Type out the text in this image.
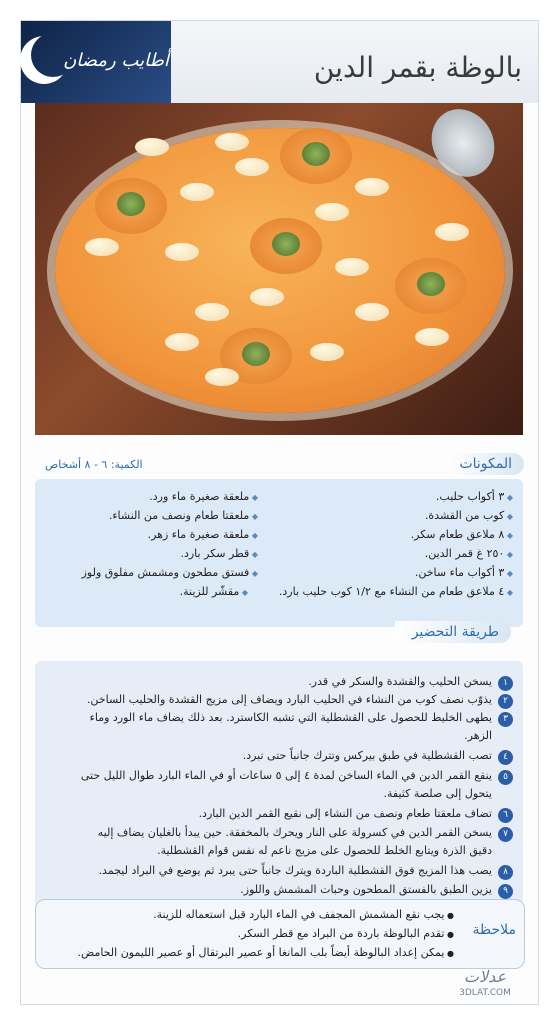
أطايب رمضان	بالوظة بقمر الدين
المكونات
الكمية: ٦ - ٨ أشخاص
◆ ٣ أكواب حليب.
◆ كوب من القشدة.
◆ ٨ ملاعق طعام سكر.
◆ ٢٥٠ غ قمر الدين.
◆ ٣ أكواب ماء ساخن.
◆ ٤ ملاعق طعام من النشاء مع ١/٢ كوب حليب بارد.
◆ ملعقة صغيرة ماء ورد.
◆ ملعقتا طعام ونصف من النشاء.
◆ ملعقة صغيرة ماء زهر.
◆ قطر سكر بارد.
◆ فستق مطحون ومشمش مفلوق ولوز
◆ مقشّر للزينة.
طريقة التحضير
١يسخن الحليب والقشدة والسكر في قدر.
٢يذوّب نصف كوب من النشاء في الحليب البارد ويضاف إلى مزيج القشدة والحليب الساخن.
٣يطهى الخليط للحصول على القشطلية التي تشبه الكاسترد. بعد ذلك يضاف ماء الورد وماء
الزهر.
٤تصب القشطلية في طبق بيركس وتترك جانباً حتى تبرد.
٥ينقع القمر الدين في الماء الساخن لمدة ٤ إلى ٥ ساعات أو في الماء البارد طوال الليل حتى
يتحول إلى صلصة كثيفة.
٦تضاف ملعقتا طعام ونصف من النشاء إلى نقيع القمر الدين البارد.
٧يسخن القمر الدين في كسرولة على النار ويحرك بالمخفقة. حين يبدأ بالغليان يضاف إليه
دقيق الذرة ويتابع الخلط للحصول على مزيج ناعم له نفس قوام القشطلية.
٨يصب هذا المزيج فوق القشطلية الباردة ويترك جانباً حتى يبرد ثم يوضع في البراد ليجمد.
٩يزين الطبق بالفستق المطحون وحبات المشمش واللوز.
ملاحظة
● يجب نقع المشمش المجفف في الماء البارد قبل استعماله للزينة.
● تقدم البالوظة باردة من البراد مع قطر السكر.
● يمكن إعداد البالوظة أيضاً بلب المانغا أو عصير البرتقال أو عصير الليمون الحامض.
عدلات
3DLAT.COM
